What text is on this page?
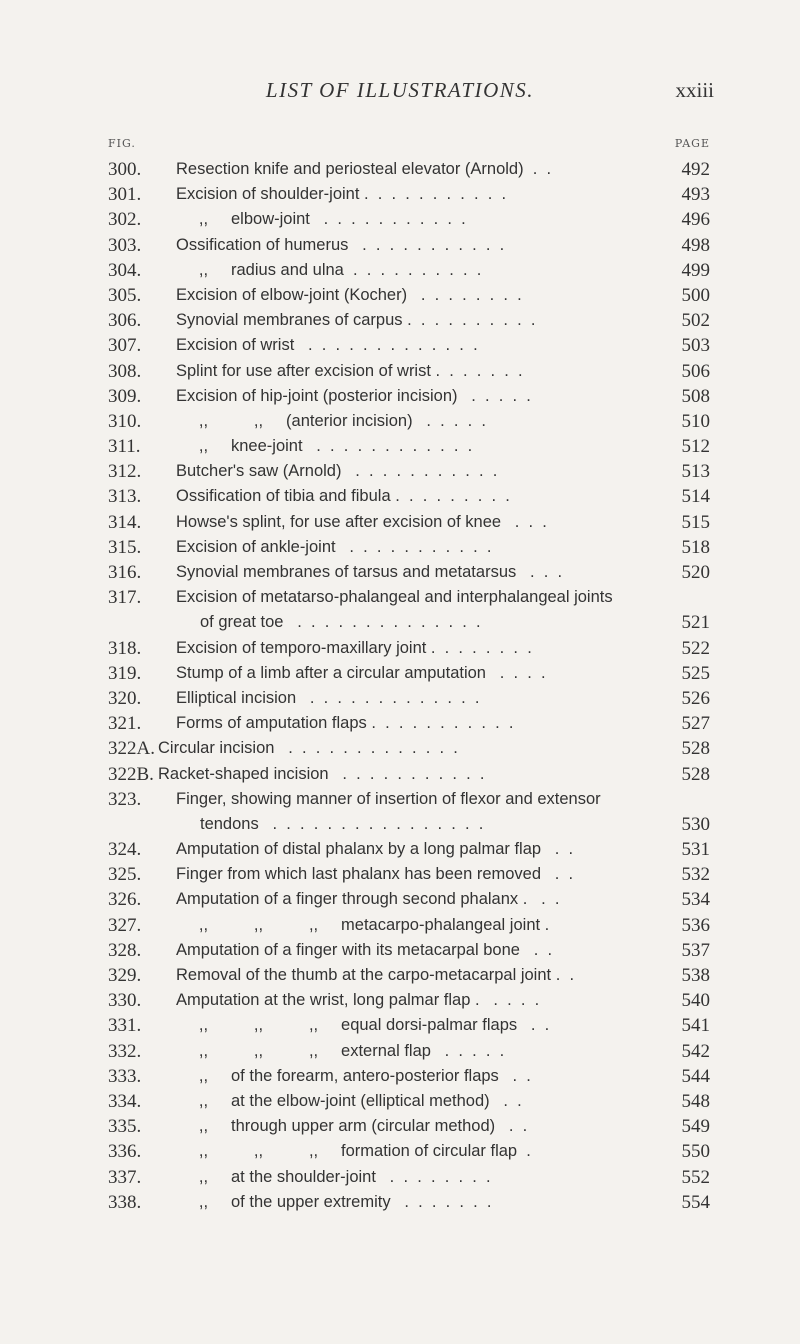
LIST OF ILLUSTRATIONS.	xxiii
FIG.	PAGE
300. Resection knife and periosteal elevator (Arnold)  .  .	492
301. Excision of shoulder-joint .  .  .  .  .  .  .  .  .  .  .	493
302. ,,     elbow-joint   .  .  .  .  .  .  .  .  .  .  .	496
303. Ossification of humerus   .  .  .  .  .  .  .  .  .  .  .	498
304. ,,     radius and ulna  .  .  .  .  .  .  .  .  .  .	499
305. Excision of elbow-joint (Kocher)   .  .  .  .  .  .  .  .	500
306. Synovial membranes of carpus .  .  .  .  .  .  .  .  .  .	502
307. Excision of wrist   .  .  .  .  .  .  .  .  .  .  .  .  .	503
308. Splint for use after excision of wrist .  .  .  .  .  .  .	506
309. Excision of hip-joint (posterior incision)   .  .  .  .  .	508
310. ,,          ,,     (anterior incision)   .  .  .  .  .	510
311. ,,     knee-joint   .  .  .  .  .  .  .  .  .  .  .  .	512
312. Butcher's saw (Arnold)   .  .  .  .  .  .  .  .  .  .  .	513
313. Ossification of tibia and fibula .  .  .  .  .  .  .  .  .	514
314. Howse's splint, for use after excision of knee   .  .  .	515
315. Excision of ankle-joint   .  .  .  .  .  .  .  .  .  .  .	518
316. Synovial membranes of tarsus and metatarsus   .  .  .	520
317. Excision of metatarso-phalangeal and interphalangeal joints
of great toe   .  .  .  .  .  .  .  .  .  .  .  .  .  .	521
318. Excision of temporo-maxillary joint .  .  .  .  .  .  .  .	522
319. Stump of a limb after a circular amputation   .  .  .  .	525
320. Elliptical incision   .  .  .  .  .  .  .  .  .  .  .  .  .	526
321. Forms of amputation flaps .  .  .  .  .  .  .  .  .  .  .	527
322A. Circular incision   .  .  .  .  .  .  .  .  .  .  .  .  .	528
322B. Racket-shaped incision   .  .  .  .  .  .  .  .  .  .  .	528
323. Finger, showing manner of insertion of flexor and extensor
tendons   .  .  .  .  .  .  .  .  .  .  .  .  .  .  .  .	530
324. Amputation of distal phalanx by a long palmar flap   .  .	531
325. Finger from which last phalanx has been removed   .  .	532
326. Amputation of a finger through second phalanx .   .  .	534
327. ,,          ,,          ,,     metacarpo-phalangeal joint .	536
328. Amputation of a finger with its metacarpal bone   .  .	537
329. Removal of the thumb at the carpo-metacarpal joint .  .	538
330. Amputation at the wrist, long palmar flap .   .  .  .  .	540
331. ,,          ,,          ,,     equal dorsi-palmar flaps   .  .	541
332. ,,          ,,          ,,     external flap   .  .  .  .  .	542
333. ,,     of the forearm, antero-posterior flaps   .  .	544
334. ,,     at the elbow-joint (elliptical method)   .  .	548
335. ,,     through upper arm (circular method)   .  .	549
336. ,,          ,,          ,,     formation of circular flap  .	550
337. ,,     at the shoulder-joint   .  .  .  .  .  .  .  .	552
338. ,,     of the upper extremity   .  .  .  .  .  .  .	554
